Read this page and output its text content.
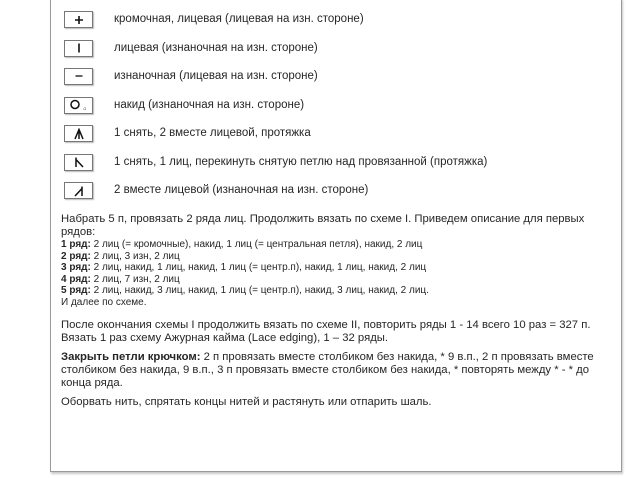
кромочная, лицевая (лицевая на изн. стороне)
лицевая (изнаночная на изн. стороне)
изнаночная (лицевая на изн. стороне)
накид (изнаночная на изн. стороне)
1 снять, 2 вместе лицевой, протяжка
1 снять, 1 лиц, перекинуть снятую петлю над провязанной (протяжка)
2 вместе лицевой (изнаночная на изн. стороне)

Набрать 5 п, провязать 2 ряда лиц. Продолжить вязать по схеме I. Приведем описание для первых рядов:

1 ряд: 2 лиц (= кромочные), накид, 1 лиц (= центральная петля), накид, 2 лиц
2 ряд: 2 лиц, 3 изн, 2 лиц
3 ряд: 2 лиц, накид, 1 лиц, накид, 1 лиц (= центр.п), накид, 1 лиц, накид, 2 лиц
4 ряд: 2 лиц, 7 изн, 2 лиц
5 ряд: 2 лиц, накид, 3 лиц, накид, 1 лиц (= центр.п), накид, 3 лиц, накид, 2 лиц.
И далее по схеме.

После окончания схемы I продолжить вязать по схеме II, повторить ряды 1 - 14 всего 10 раз = 327 п. Вязать 1 раз схему Ажурная кайма (Lace edging), 1 – 32 ряды.

Закрыть петли крючком: 2 п провязать вместе столбиком без накида, * 9 в.п., 2 п провязать вместе столбиком без накида, 9 в.п., 3 п провязать вместе столбиком без накида, * повторять между * - * до конца ряда.

Оборвать нить, спрятать концы нитей и растянуть или отпарить шаль.
